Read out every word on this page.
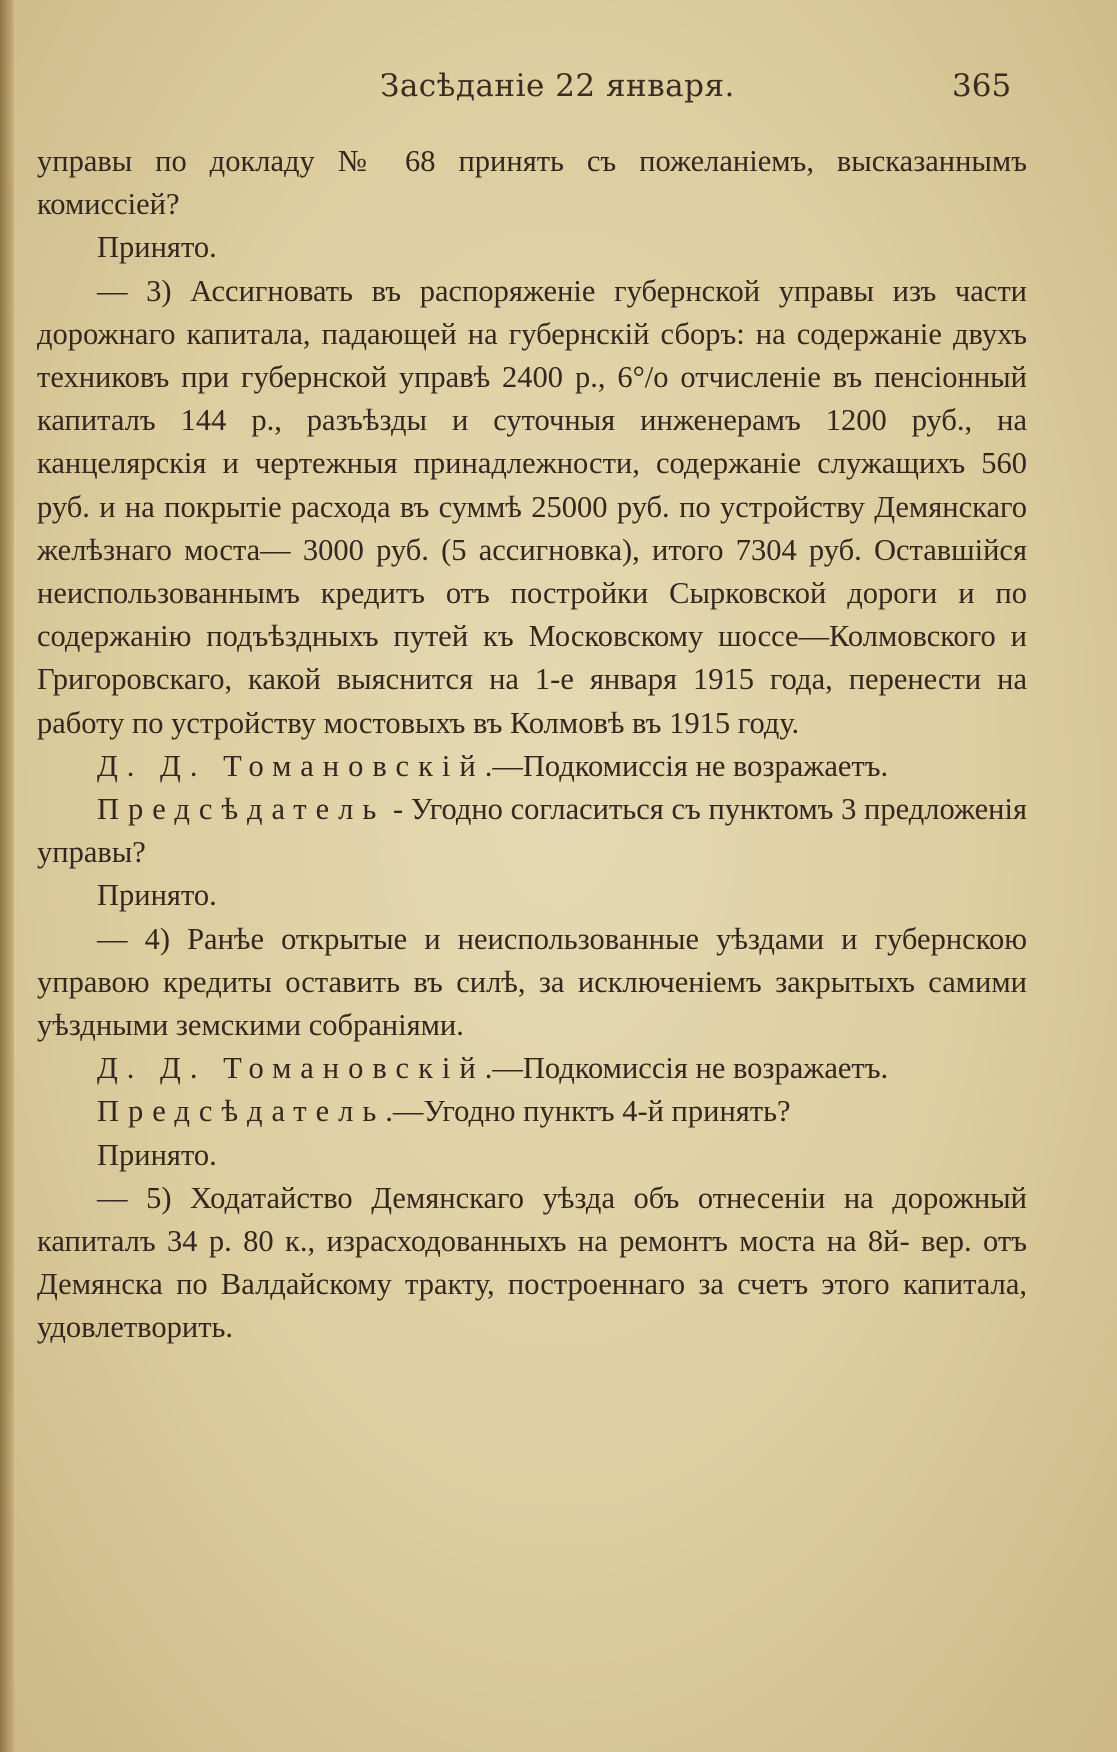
Засѣданіе 22 января.	365

управы по докладу № 68 принять съ пожеланіемъ, высказаннымъ комиссіей?

Принято.

— 3) Ассигновать въ распоряженіе губернской управы изъ части дорожнаго капитала, падающей на губернскій сборъ: на содержаніе двухъ техниковъ при губернской управѣ 2400 р., 6°/о отчисленіе въ пенсіонный капиталъ 144 р., разъѣзды и суточныя инженерамъ 1200 руб., на канцелярскія и чертежныя принадлежности, содержаніе служащихъ 560 руб. и на покрытіе расхода въ суммѣ 25000 руб. по устройству Демянскаго желѣзнаго моста— 3000 руб. (5 ассигновка), итого 7304 руб. Оставшійся неиспользованнымъ кредитъ отъ постройки Сырковской дороги и по содержанію подъѣздныхъ путей къ Московскому шоссе—Колмовского и Григоровскаго, какой выяснится на 1-е января 1915 года, перенести на работу по устройству мостовыхъ въ Колмовѣ въ 1915 году.

Д. Д. Томановскій.—Подкомиссія не возражаетъ.

Предсѣдатель - Угодно согласиться съ пунктомъ 3 предложенія управы?

Принято.

— 4) Ранѣе открытые и неиспользованные уѣздами и губернскою управою кредиты оставить въ силѣ, за исключеніемъ закрытыхъ самими уѣздными земскими собраніями.

Д. Д. Томановскій.—Подкомиссія не возражаетъ.

Предсѣдатель.—Угодно пунктъ 4-й принять?

Принято.

— 5) Ходатайство Демянскаго уѣзда объ отнесеніи на дорожный капиталъ 34 р. 80 к., израсходованныхъ на ремонтъ моста на 8й- вер. отъ Демянска по Валдайскому тракту, построеннаго за счетъ этого капитала, удовлетворить.
